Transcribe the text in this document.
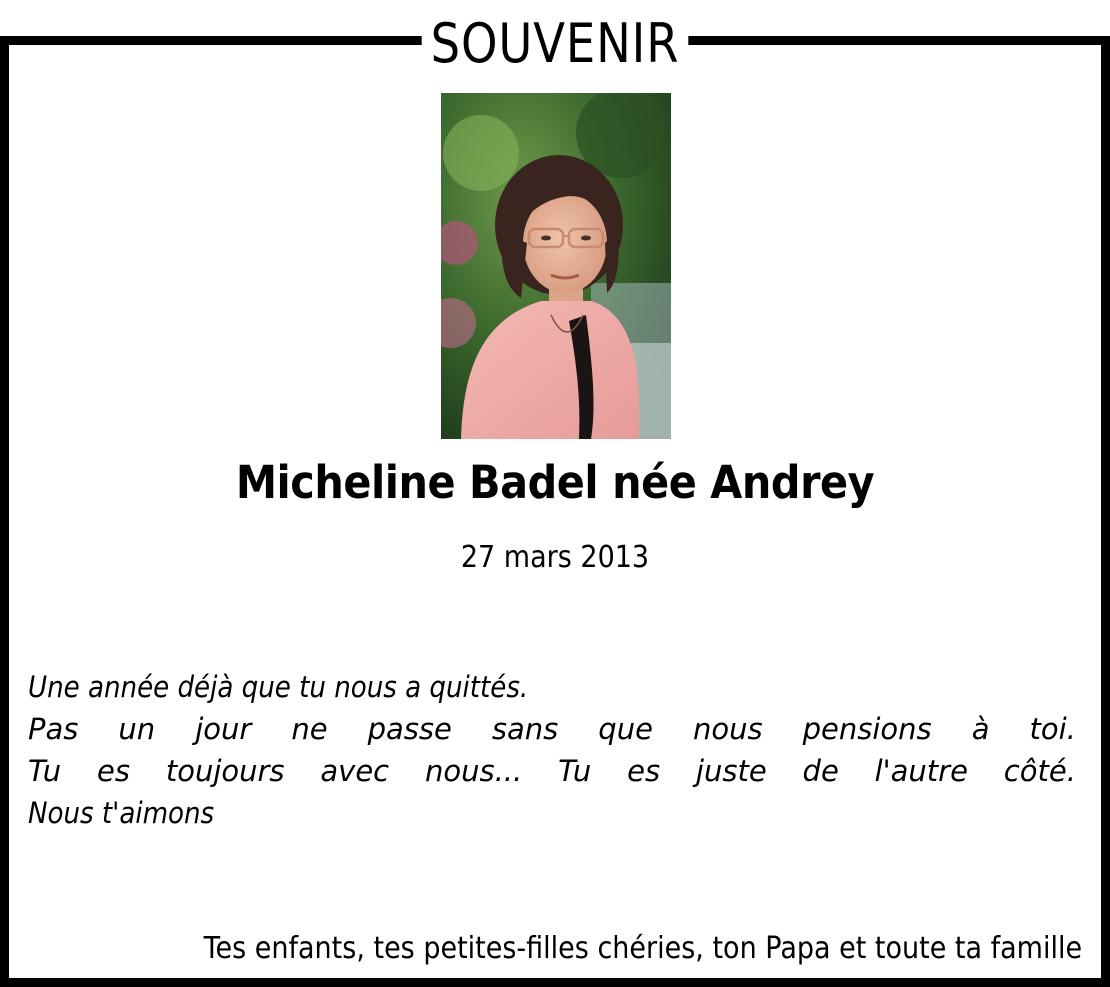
SOUVENIR
Micheline Badel née Andrey
27 mars 2013
Une année déjà que tu nous a quittés.
Pas un jour ne passe sans que nous pensions à toi.
Tu es toujours avec nous... Tu es juste de l'autre côté.
Nous t'aimons
Tes enfants, tes petites-filles chéries, ton Papa et toute ta famille
